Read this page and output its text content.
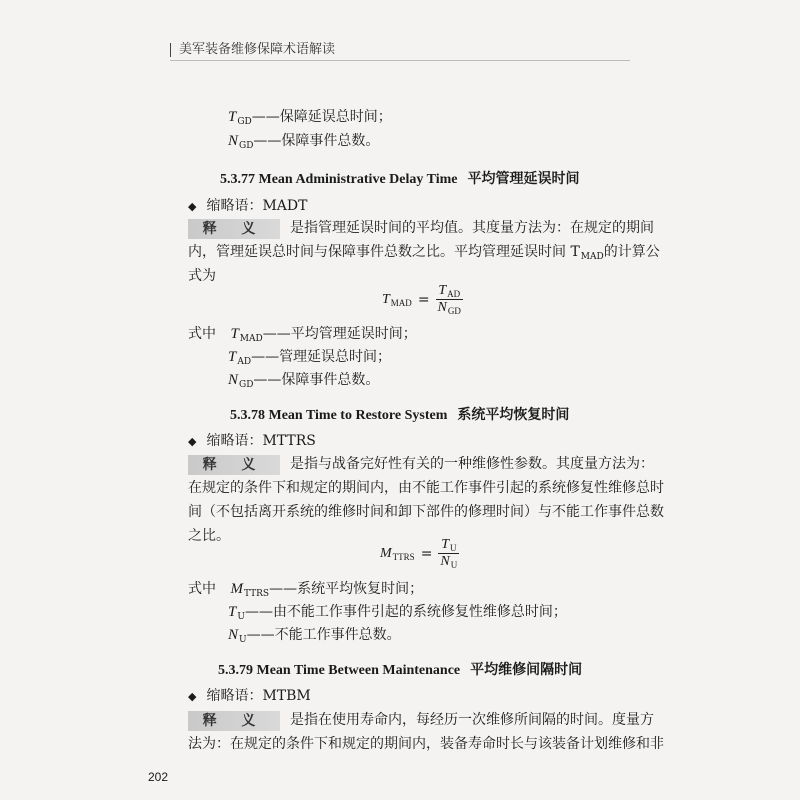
美军装备维修保障术语解读
$T_{GD}——$保障延误总时间；
$N_{GD}——$保障事件总数。
5.3.77 Mean Administrative Delay Time 平均管理延误时间
◆ 缩略语：MADT
释 义	是指管理延误时间的平均值。其度量方法为：在规定的期间
内，管理延误总时间与保障事件总数之比。平均管理延误时间 $T_{MAD}$的计算公
式为
$T_{MAD} = \frac{T_{AD}}{N_{GD}}$
式中 $T_{MAD}——$平均管理延误时间；
$T_{AD}——$管理延误总时间；
$N_{GD}——$保障事件总数。
5.3.78 Mean Time to Restore System 系统平均恢复时间
◆ 缩略语：MTTRS
释 义	是指与战备完好性有关的一种维修性参数。其度量方法为：
在规定的条件下和规定的期间内，由不能工作事件引起的系统修复性维修总时
间（不包括离开系统的维修时间和卸下部件的修理时间）与不能工作事件总数
之比。
$M_{TTRS} = \frac{T_U}{N_U}$
式中 $M_{TTRS}——$系统平均恢复时间；
$T_U——$由不能工作事件引起的系统修复性维修总时间；
$N_U——$不能工作事件总数。
5.3.79 Mean Time Between Maintenance 平均维修间隔时间
◆ 缩略语：MTBM
释 义	是指在使用寿命内，每经历一次维修所间隔的时间。度量方
法为：在规定的条件下和规定的期间内，装备寿命时长与该装备计划维修和非
202
